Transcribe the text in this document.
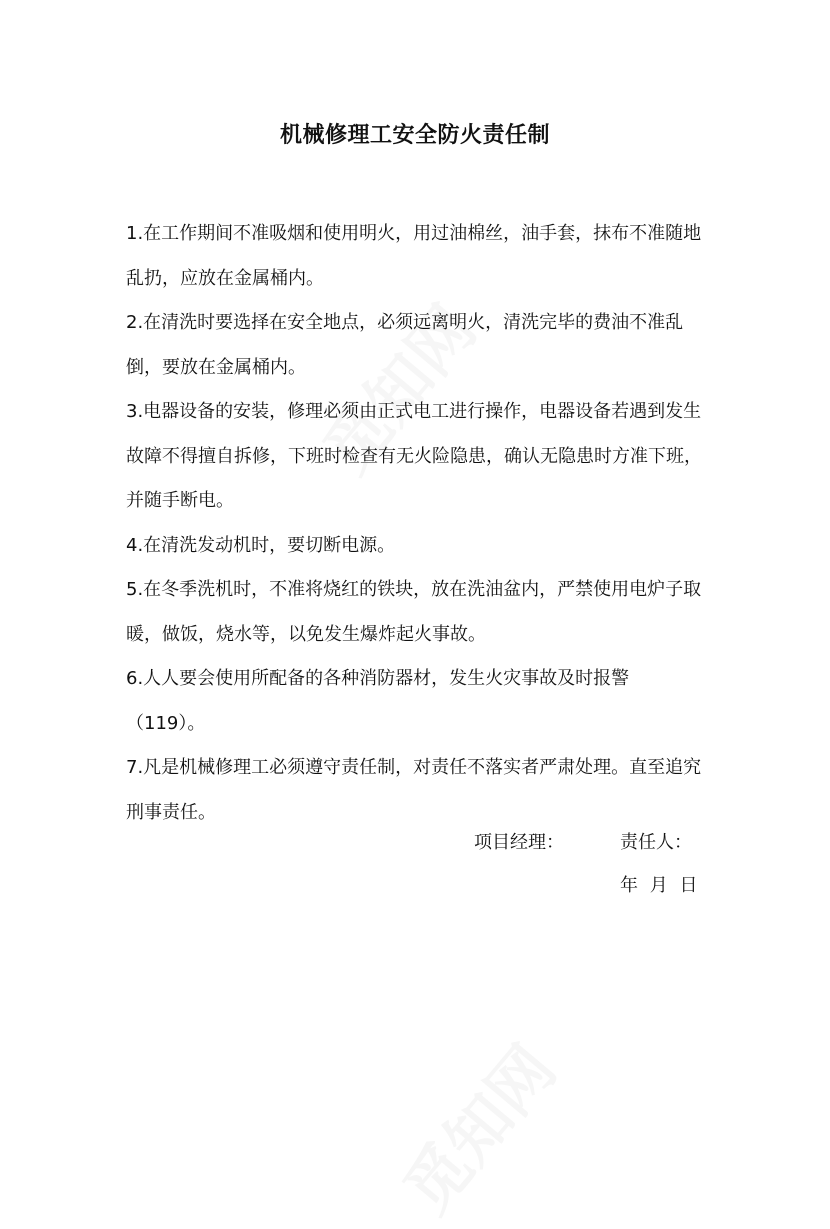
机械修理工安全防火责任制

1.在工作期间不准吸烟和使用明火，用过油棉丝，油手套，抹布不准随地乱扔，应放在金属桶内。

2.在清洗时要选择在安全地点，必须远离明火，清洗完毕的费油不准乱倒，要放在金属桶内。

3.电器设备的安装，修理必须由正式电工进行操作，电器设备若遇到发生故障不得擅自拆修，下班时检查有无火险隐患，确认无隐患时方准下班，并随手断电。

4.在清洗发动机时，要切断电源。

5.在冬季洗机时，不准将烧红的铁块，放在洗油盆内，严禁使用电炉子取暖，做饭，烧水等，以免发生爆炸起火事故。

6.人人要会使用所配备的各种消防器材，发生火灾事故及时报警（119）。

7.凡是机械修理工必须遵守责任制，对责任不落实者严肃处理。直至追究刑事责任。

项目经理：	责任人：
年 月 日
